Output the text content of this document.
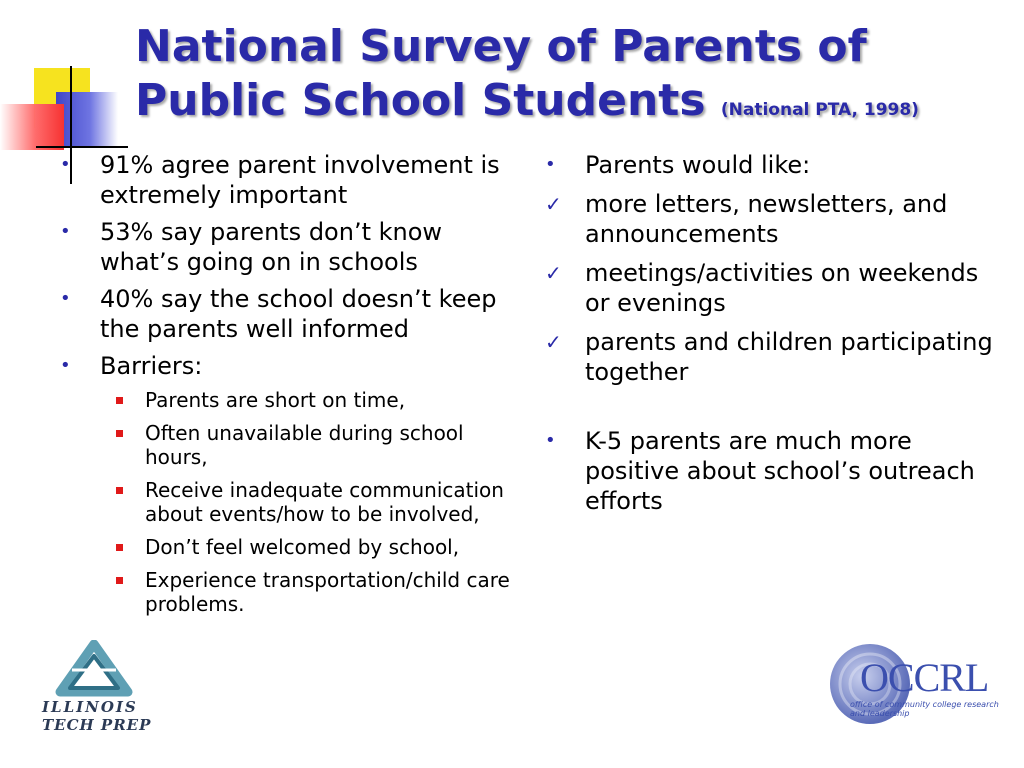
National Survey of Parents of
Public School Students (National PTA, 1998)
•	91% agree parent involvement is extremely important
•	53% say parents don’t know what’s going on in schools
•	40% say the school doesn’t keep the parents well informed
•	Barriers:
Parents are short on time,
Often unavailable during school hours,
Receive inadequate communication about events/how to be involved,
Don’t feel welcomed by school,
Experience transportation/child care problems.
•	Parents would like:
✓ more letters, newsletters, and announcements
✓ meetings/activities on weekends or evenings
✓ parents and children participating together
•	K-5 parents are much more positive about school’s outreach efforts
ILLINOIS
TECH PREP
OCCRL
office of community college research and leadership
